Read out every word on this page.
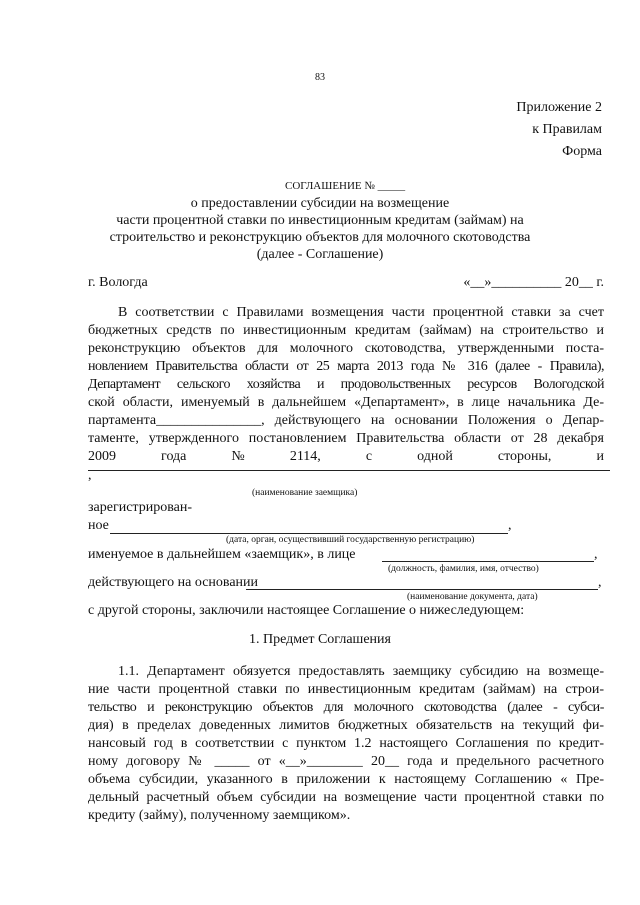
83
Приложение 2
к Правилам
Форма
СОГЛАШЕНИЕ № _____
о предоставлении субсидии на возмещение
части процентной ставки по инвестиционным кредитам (займам) на
строительство и реконструкцию объектов для молочного скотоводства
(далее - Соглашение)
г. Вологда	«__»__________ 20__ г.
В соответствии с Правилами возмещения части процентной ставки за счет
бюджетных средств по инвестиционным кредитам (займам) на строительство и
реконструкцию объектов для молочного скотоводства, утвержденными поста-
новлением Правительства области от 25 марта 2013 года № 316 (далее - Правила),
Департамент сельского хозяйства и продовольственных ресурсов Вологодской
ской области, именуемый в дальнейшем «Департамент», в лице начальника Де-
партамента_______________, действующего на основании Положения о Депар-
таменте, утвержденного постановлением Правительства области от 28 декабря
2009	года	№	2114,	с	одной	стороны,	и
,
(наименование заемщика)
зарегистрирован-
ное	,
(дата, орган, осуществивший государственную регистрацию)
именуемое в дальнейшем «заемщик», в лице	,
(должность, фамилия, имя, отчество)
действующего на основании	,
(наименование документа, дата)
с другой стороны, заключили настоящее Соглашение о нижеследующем:
1. Предмет Соглашения
1.1. Департамент обязуется предоставлять заемщику субсидию на возмеще-
ние части процентной ставки по инвестиционным кредитам (займам) на строи-
тельство и реконструкцию объектов для молочного скотоводства (далее - субси-
дия) в пределах доведенных лимитов бюджетных обязательств на текущий фи-
нансовый год в соответствии с пунктом 1.2 настоящего Соглашения по кредит-
ному договору № _____ от «__»________ 20__ года и предельного расчетного
объема субсидии, указанного в приложении к настоящему Соглашению « Пре-
дельный расчетный объем субсидии на возмещение части процентной ставки по
кредиту (займу), полученному заемщиком».
